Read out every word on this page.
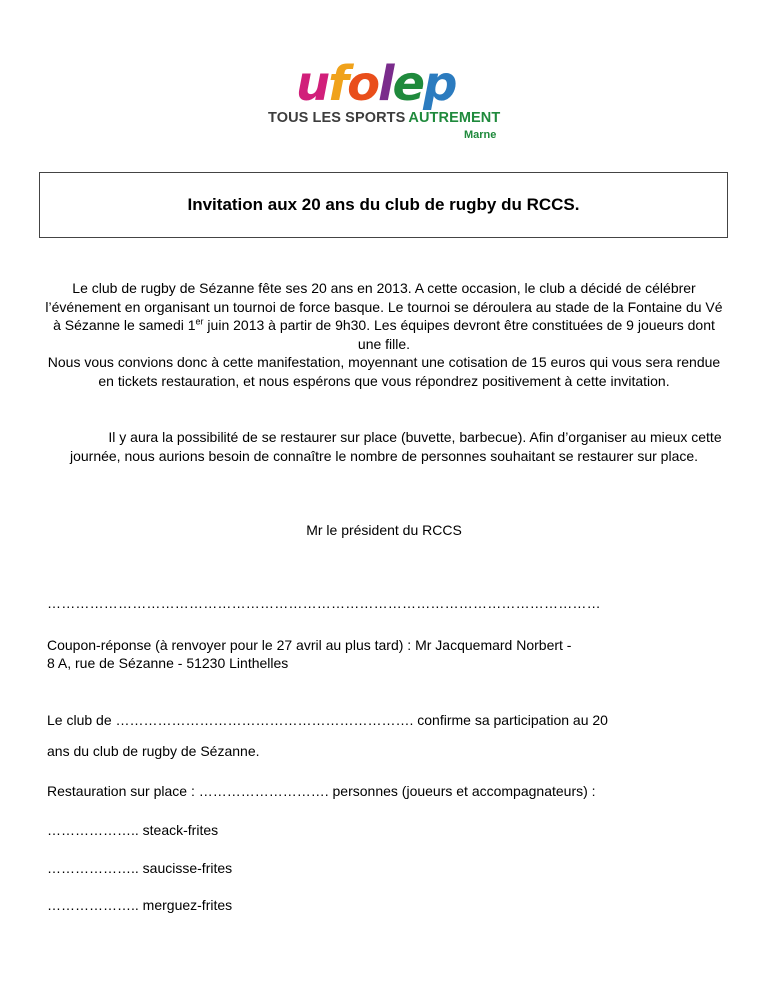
ufolep
TOUS LES SPORTS AUTREMENT
Marne
Invitation aux 20 ans du club de rugby du RCCS.
Le club de rugby de Sézanne fête ses 20 ans en 2013. A cette occasion, le club a décidé de célébrer l’événement en organisant un tournoi de force basque. Le tournoi se déroulera au stade de la Fontaine du Vé à Sézanne le samedi 1er juin 2013 à partir de 9h30. Les équipes devront être constituées de 9 joueurs dont une fille.
Nous vous convions donc à cette manifestation, moyennant une cotisation de 15 euros qui vous sera rendue en tickets restauration, et nous espérons que vous répondrez positivement à cette invitation.
Il y aura la possibilité de se restaurer sur place (buvette, barbecue). Afin d’organiser au mieux cette journée, nous aurions besoin de connaître le nombre de personnes souhaitant se restaurer sur place.
Mr le président du RCCS
………………………………………………………………………………………………………
Coupon-réponse (à renvoyer pour le 27 avril au plus tard) : Mr Jacquemard Norbert -
8 A, rue de Sézanne - 51230 Linthelles
Le club de ………………………………………………………. confirme sa participation au 20
ans du club de rugby de Sézanne.
Restauration sur place : ………………………. personnes (joueurs et accompagnateurs) :
……………….. steack-frites
……………….. saucisse-frites
……………….. merguez-frites
